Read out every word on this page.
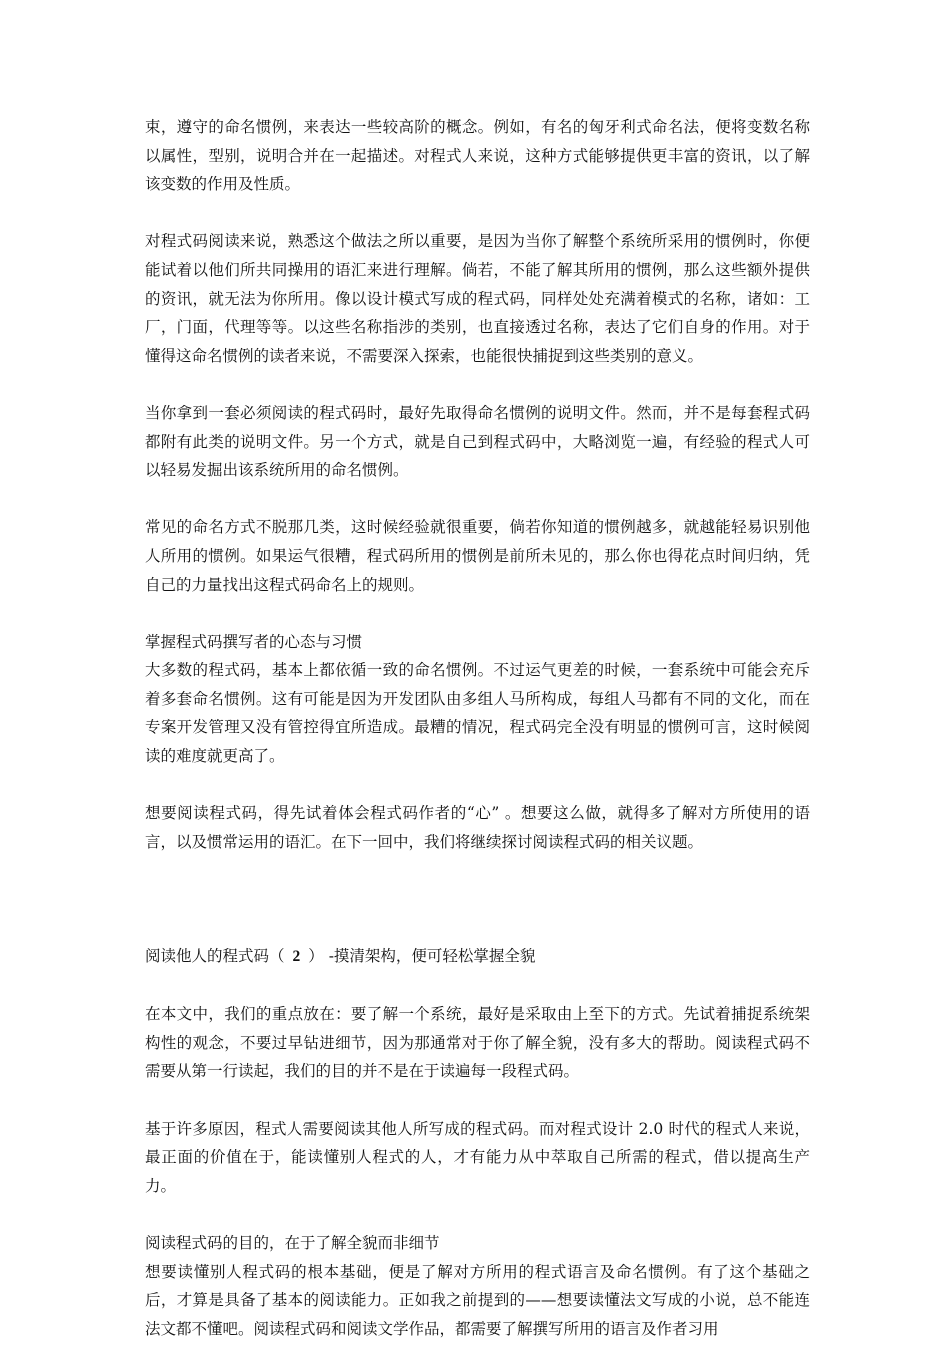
束，遵守的命名惯例，来表达一些较高阶的概念。例如，有名的匈牙利式命名法，便将变数名称以属性，型别，说明合并在一起描述。对程式人来说，这种方式能够提供更丰富的资讯，以了解该变数的作用及性质。

对程式码阅读来说，熟悉这个做法之所以重要，是因为当你了解整个系统所采用的惯例时，你便能试着以他们所共同操用的语汇来进行理解。倘若，不能了解其所用的惯例，那么这些额外提供的资讯，就无法为你所用。像以设计模式写成的程式码，同样处处充满着模式的名称，诸如：工厂，门面，代理等等。以这些名称指涉的类别，也直接透过名称，表达了它们自身的作用。对于懂得这命名惯例的读者来说，不需要深入探索，也能很快捕捉到这些类别的意义。

当你拿到一套必须阅读的程式码时，最好先取得命名惯例的说明文件。然而，并不是每套程式码都附有此类的说明文件。另一个方式，就是自己到程式码中，大略浏览一遍，有经验的程式人可以轻易发掘出该系统所用的命名惯例。

常见的命名方式不脱那几类，这时候经验就很重要，倘若你知道的惯例越多，就越能轻易识别他人所用的惯例。如果运气很糟，程式码所用的惯例是前所未见的，那么你也得花点时间归纳，凭自己的力量找出这程式码命名上的规则。

掌握程式码撰写者的心态与习惯

大多数的程式码，基本上都依循一致的命名惯例。不过运气更差的时候，一套系统中可能会充斥着多套命名惯例。这有可能是因为开发团队由多组人马所构成，每组人马都有不同的文化，而在专案开发管理又没有管控得宜所造成。最糟的情况，程式码完全没有明显的惯例可言，这时候阅读的难度就更高了。

想要阅读程式码，得先试着体会程式码作者的“心” 。想要这么做，就得多了解对方所使用的语言，以及惯常运用的语汇。在下一回中，我们将继续探讨阅读程式码的相关议题。

阅读他人的程式码（ 2 ） -摸清架构，便可轻松掌握全貌

在本文中，我们的重点放在：要了解一个系统，最好是采取由上至下的方式。先试着捕捉系统架构性的观念，不要过早钻进细节，因为那通常对于你了解全貌，没有多大的帮助。阅读程式码不需要从第一行读起，我们的目的并不是在于读遍每一段程式码。

基于许多原因，程式人需要阅读其他人所写成的程式码。而对程式设计 2.0 时代的程式人来说，最正面的价值在于，能读懂别人程式的人，才有能力从中萃取自己所需的程式，借以提高生产力。

阅读程式码的目的，在于了解全貌而非细节

想要读懂别人程式码的根本基础，便是了解对方所用的程式语言及命名惯例。有了这个基础之后，才算是具备了基本的阅读能力。正如我之前提到的——想要读懂法文写成的小说，总不能连法文都不懂吧。阅读程式码和阅读文学作品，都需要了解撰写所用的语言及作者习用
